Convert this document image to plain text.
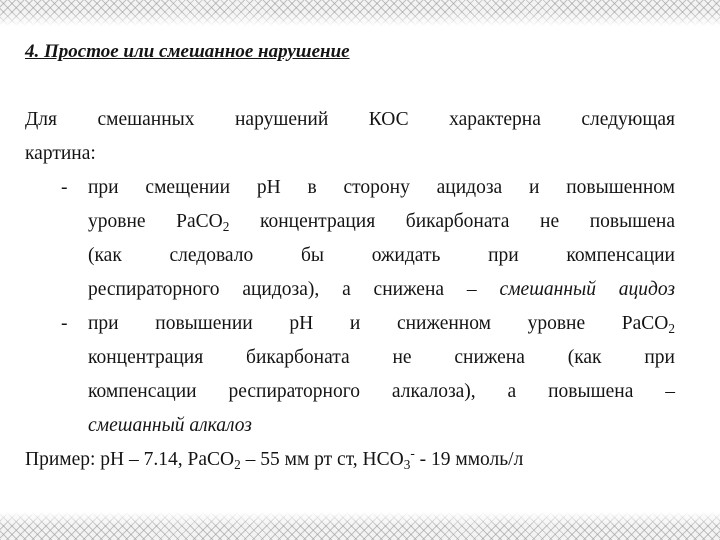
4. Простое или смешанное нарушение

Для смешанных нарушений КОС характерна следующая

картина:

- при смещении рН в сторону ацидоза и повышенном
уровне PaCO$_2$ концентрация бикарбоната не повышена
(как следовало бы ожидать при компенсации
респираторного ацидоза), а снижена – смешанный ацидоз
- при повышении рН и сниженном уровне PaCO$_2$
концентрация бикарбоната не снижена (как при
компенсации респираторного алкалоза), а повышена –
смешанный алкалоз

Пример: рН – 7.14, PaCO$_2$ – 55 мм рт ст, $HCO_3^- - 19$ ммоль/л
